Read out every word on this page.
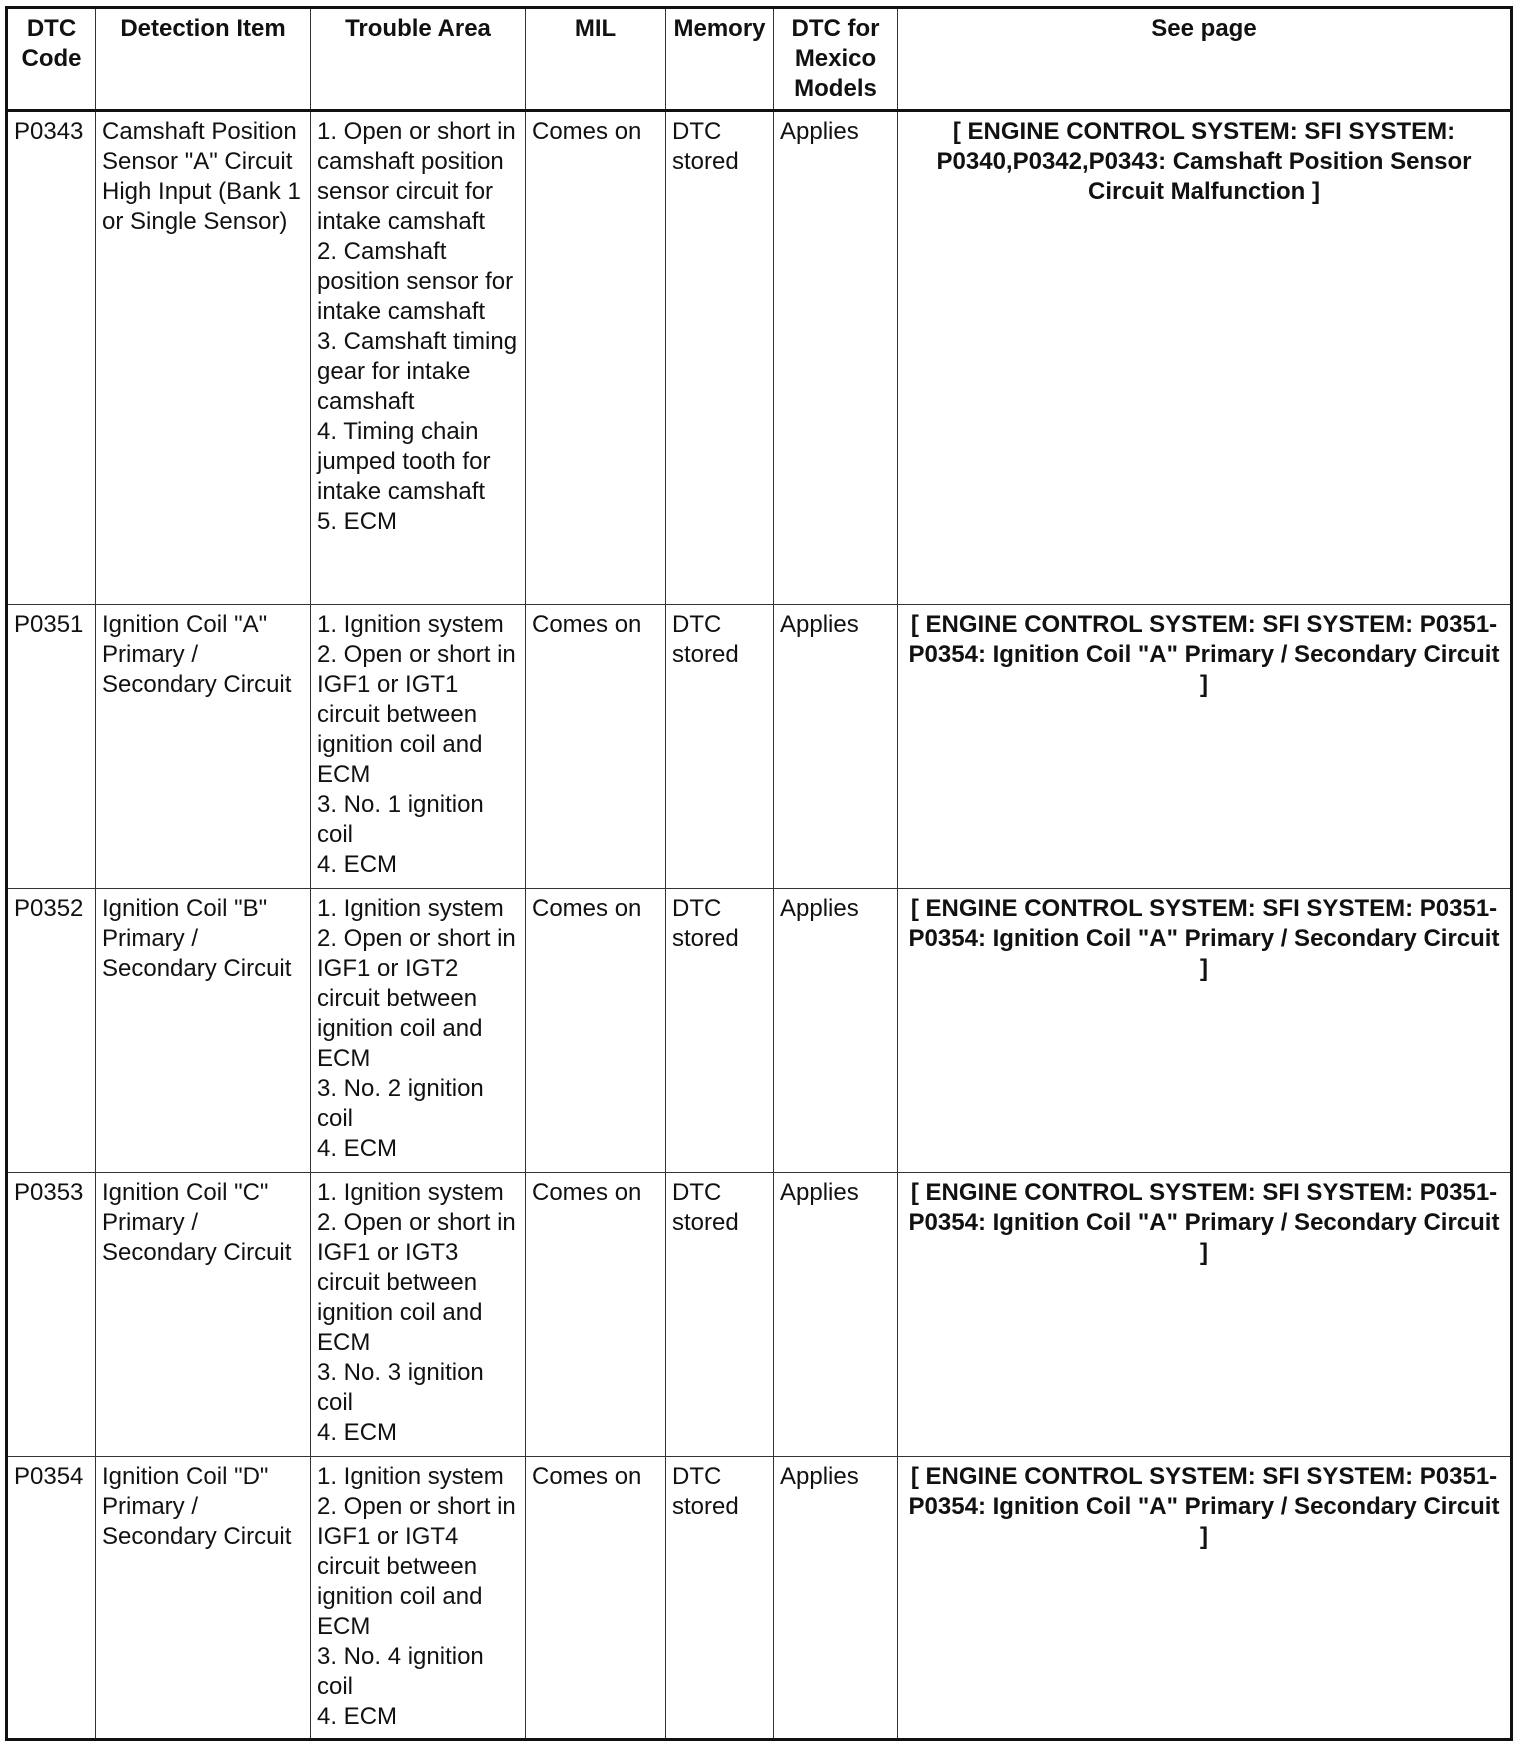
DTC Code	Detection Item	Trouble Area	MIL	Memory	DTC for Mexico Models	See page
P0343	Camshaft Position Sensor "A" Circuit High Input (Bank 1 or Single Sensor)	1. Open or short in camshaft position sensor circuit for intake camshaft
2. Camshaft position sensor for intake camshaft
3. Camshaft timing gear for intake camshaft
4. Timing chain jumped tooth for intake camshaft
5. ECM	Comes on	DTC stored	Applies	[ ENGINE CONTROL SYSTEM: SFI SYSTEM: P0340,P0342,P0343: Camshaft Position Sensor Circuit Malfunction ]
P0351	Ignition Coil "A" Primary / Secondary Circuit	1. Ignition system
2. Open or short in IGF1 or IGT1 circuit between ignition coil and ECM
3. No. 1 ignition coil
4. ECM	Comes on	DTC stored	Applies	[ ENGINE CONTROL SYSTEM: SFI SYSTEM: P0351-P0354: Ignition Coil "A" Primary / Secondary Circuit ]
P0352	Ignition Coil "B" Primary / Secondary Circuit	1. Ignition system
2. Open or short in IGF1 or IGT2 circuit between ignition coil and ECM
3. No. 2 ignition coil
4. ECM	Comes on	DTC stored	Applies	[ ENGINE CONTROL SYSTEM: SFI SYSTEM: P0351-P0354: Ignition Coil "A" Primary / Secondary Circuit ]
P0353	Ignition Coil "C" Primary / Secondary Circuit	1. Ignition system
2. Open or short in IGF1 or IGT3 circuit between ignition coil and ECM
3. No. 3 ignition coil
4. ECM	Comes on	DTC stored	Applies	[ ENGINE CONTROL SYSTEM: SFI SYSTEM: P0351-P0354: Ignition Coil "A" Primary / Secondary Circuit ]
P0354	Ignition Coil "D" Primary / Secondary Circuit	1. Ignition system
2. Open or short in IGF1 or IGT4 circuit between ignition coil and ECM
3. No. 4 ignition coil
4. ECM	Comes on	DTC stored	Applies	[ ENGINE CONTROL SYSTEM: SFI SYSTEM: P0351-P0354: Ignition Coil "A" Primary / Secondary Circuit ]
